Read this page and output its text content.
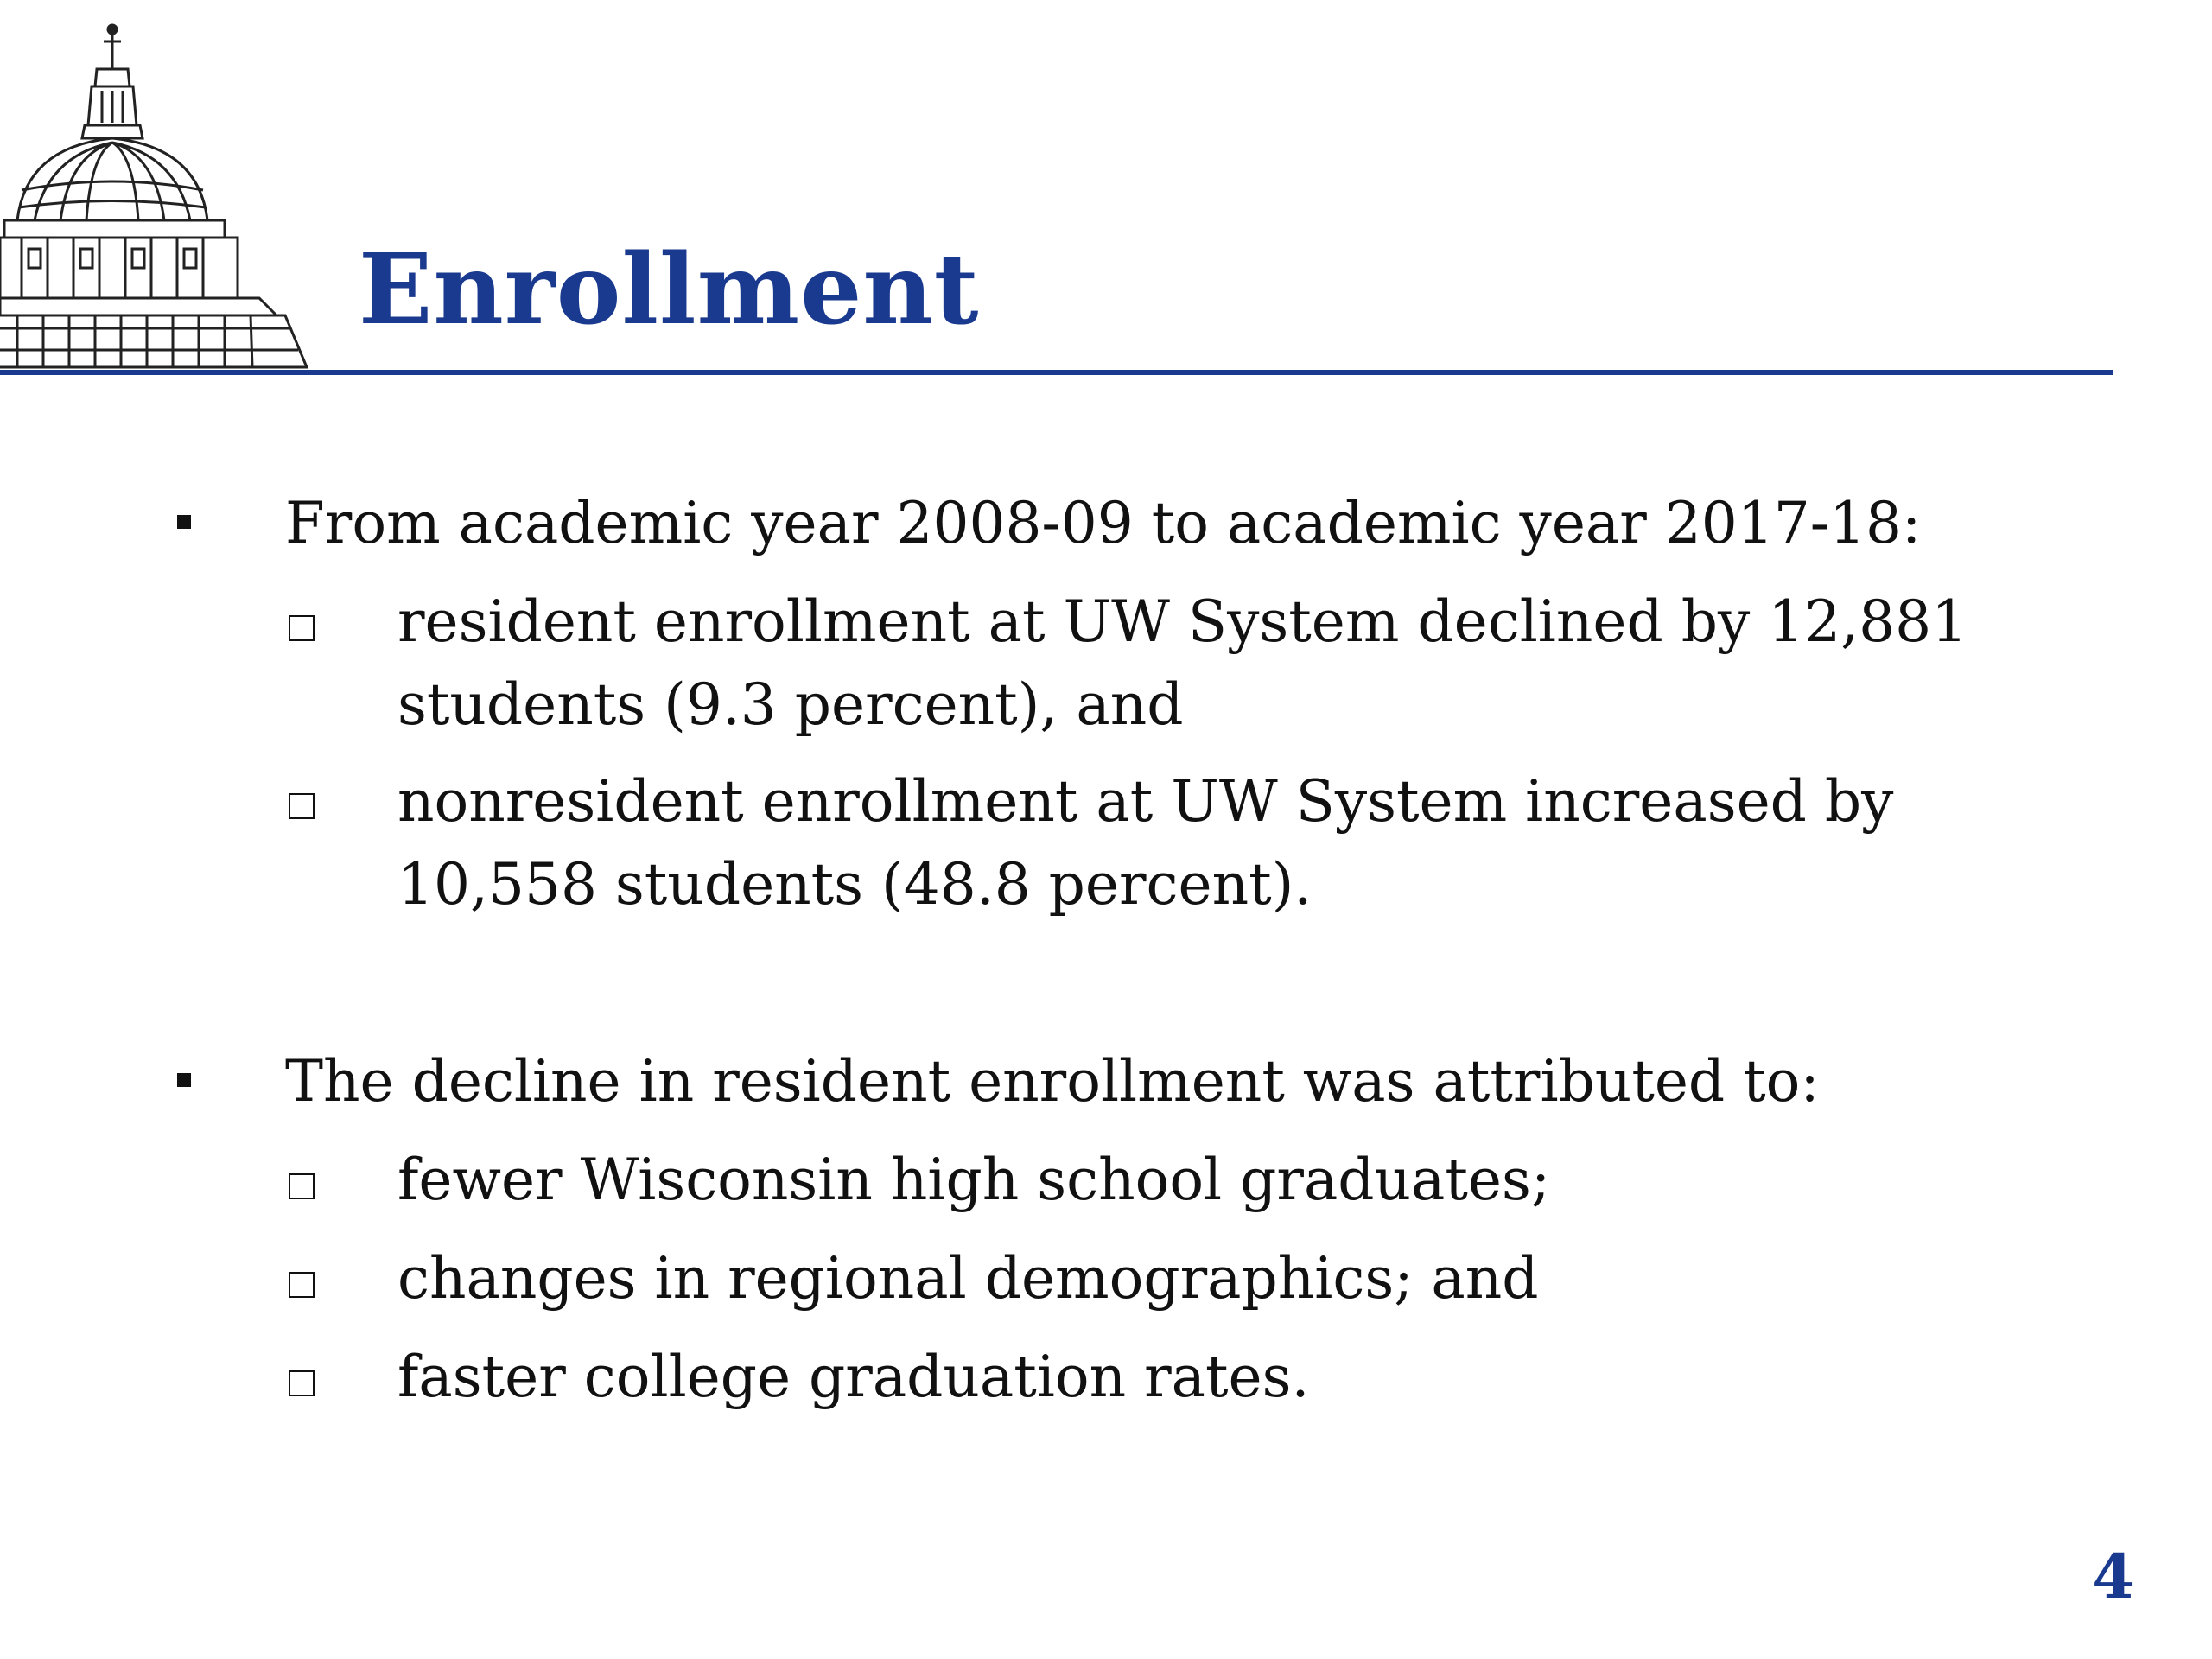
Enrollment
From academic year 2008-09 to academic year 2017-18:
resident enrollment at UW System declined by 12,881 students (9.3 percent), and
nonresident enrollment at UW System increased by 10,558 students (48.8 percent).
The decline in resident enrollment was attributed to:
fewer Wisconsin high school graduates;
changes in regional demographics; and
faster college graduation rates.
4
